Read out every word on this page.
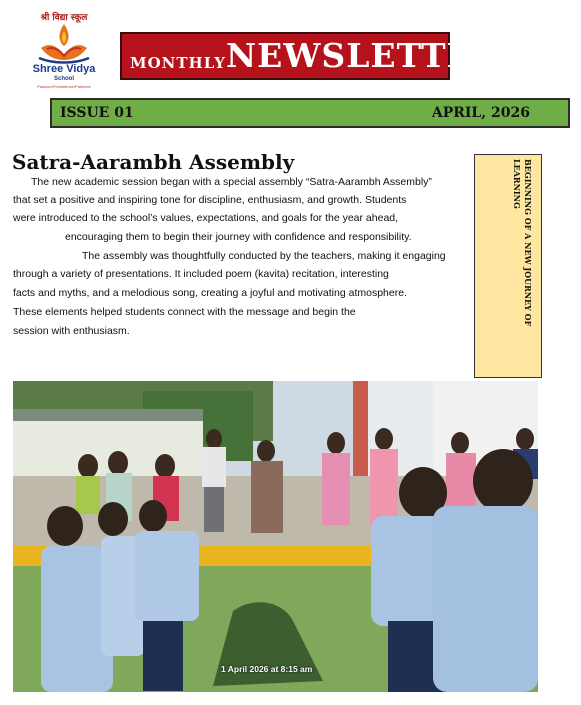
श्री विद्या स्कूल
Shree Vidya
School
Passion•Persistence•Patience
MONTHLY NEWSLETTER
ISSUE 01	APRIL, 2026
Satra-Aarambh Assembly
The new academic session began with a special assembly “Satra-Aarambh Assembly”
that set a positive and inspiring tone for discipline, enthusiasm, and growth. Students
were introduced to the school’s values, expectations, and goals for the year ahead,
encouraging them to begin their journey with confidence and responsibility.
The assembly was thoughtfully conducted by the teachers, making it engaging
through a variety of presentations. It included poem (kavita) recitation, interesting
facts and myths, and a melodious song, creating a joyful and motivating atmosphere.
These elements helped students connect with the message and begin the
session with enthusiasm.
BEGINNING OF A NEW JOURNEY OF LEARNING
1 April 2026 at 8:15 am
